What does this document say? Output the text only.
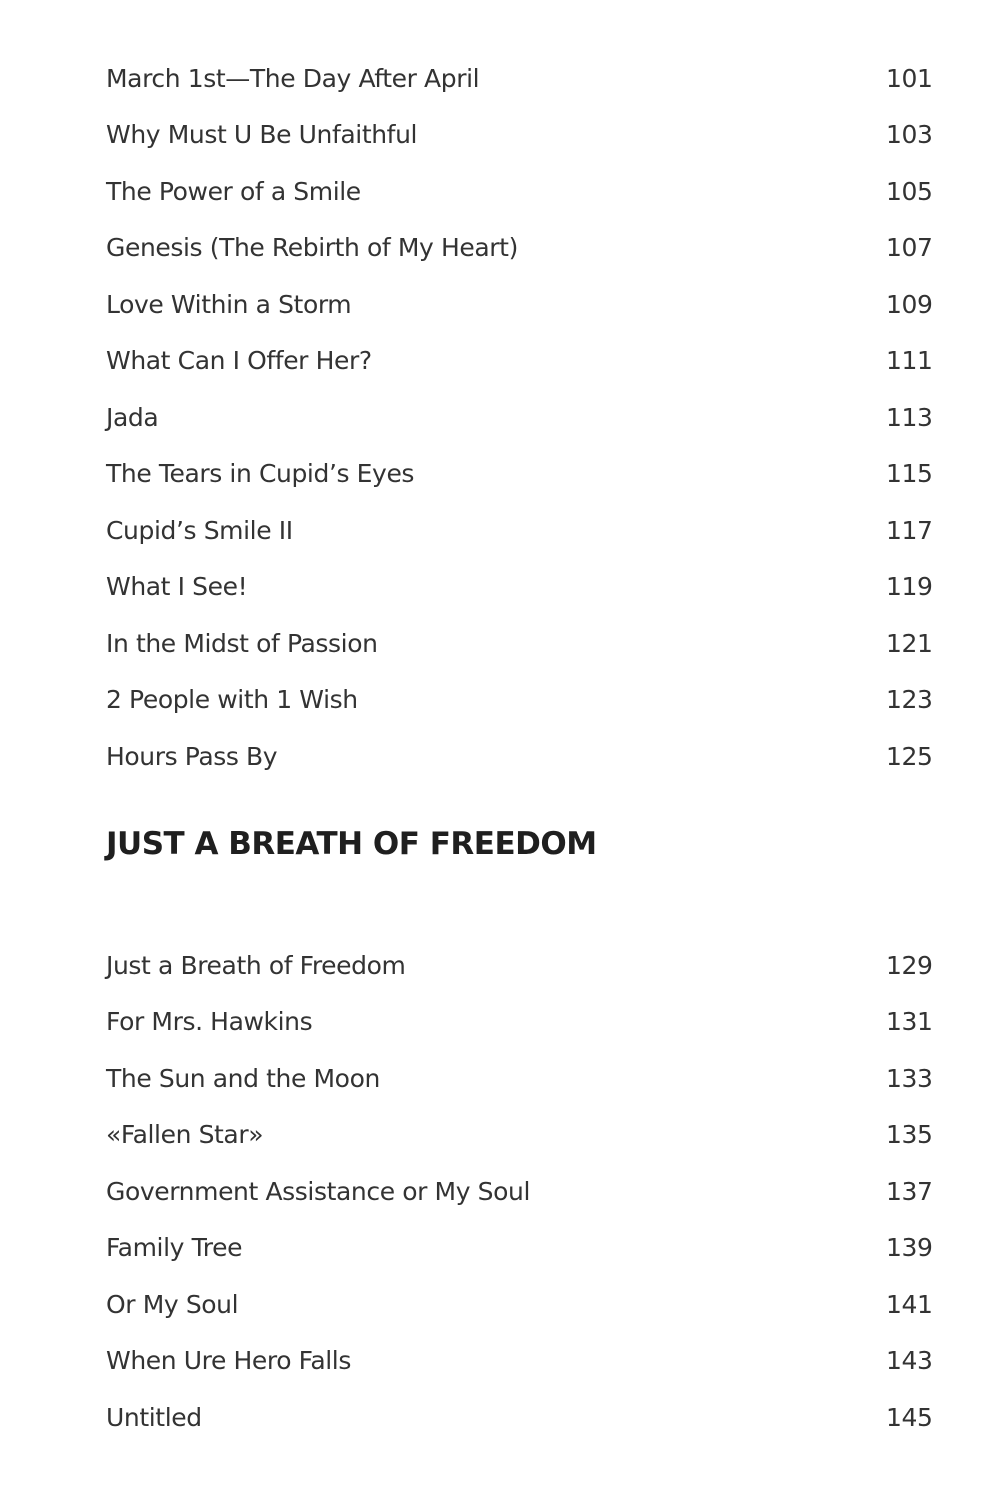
March 1st—The Day After April	101
Why Must U Be Unfaithful	103
The Power of a Smile	105
Genesis (The Rebirth of My Heart)	107
Love Within a Storm	109
What Can I Offer Her?	111
Jada	113
The Tears in Cupid’s Eyes	115
Cupid’s Smile II	117
What I See!	119
In the Midst of Passion	121
2 People with 1 Wish	123
Hours Pass By	125
JUST A BREATH OF FREEDOM
Just a Breath of Freedom	129
For Mrs. Hawkins	131
The Sun and the Moon	133
«Fallen Star»	135
Government Assistance or My Soul	137
Family Tree	139
Or My Soul	141
When Ure Hero Falls	143
Untitled	145
